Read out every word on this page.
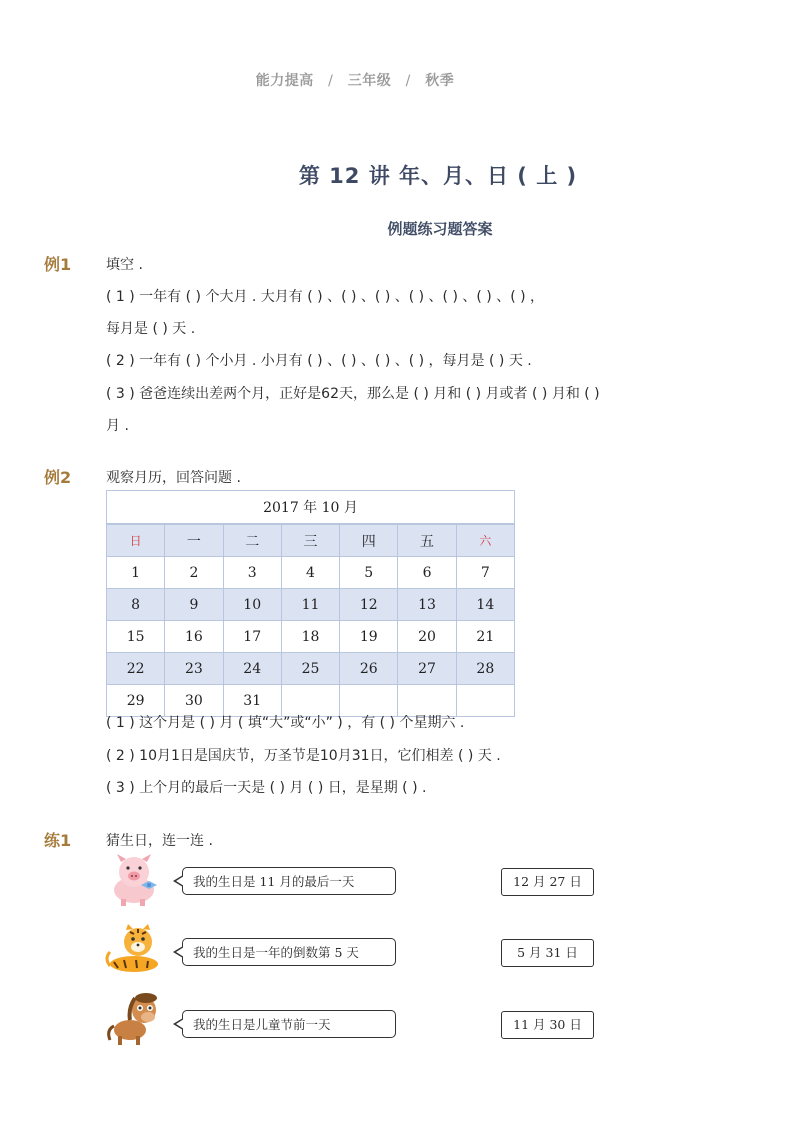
能力提高 / 三年级 / 秋季
第 12 讲 年、月、日 ( 上 )
例题练习题答案
例1 填空 .
( 1 ) 一年有 ( ) 个大月 . 大月有 ( ) 、( ) 、( ) 、( ) 、( ) 、( ) 、( ) ，
每月是 ( ) 天 .
( 2 ) 一年有 ( ) 个小月 . 小月有 ( ) 、( ) 、( ) 、( ) ，每月是 ( ) 天 .
( 3 ) 爸爸连续出差两个月，正好是62天，那么是 ( ) 月和 ( ) 月或者 ( ) 月和 ( )
月 .
例2 观察月历，回答问题 .
2017 年 10 月						
日	一	二	三	四	五	六
1	2	3	4	5	6	7
8	9	10	11	12	13	14
15	16	17	18	19	20	21
22	23	24	25	26	27	28
29	30	31				
( 1 ) 这个月是 ( ) 月 ( 填“大”或“小” ) ，有 ( ) 个星期六 .
( 2 ) 10月1日是国庆节，万圣节是10月31日，它们相差 ( ) 天 .
( 3 ) 上个月的最后一天是 ( ) 月 ( ) 日，是星期 ( ) .
练1 猜生日，连一连 .
我的生日是 11 月的最后一天	12 月 27 日
我的生日是一年的倒数第 5 天	5 月 31 日
我的生日是儿童节前一天	11 月 30 日
